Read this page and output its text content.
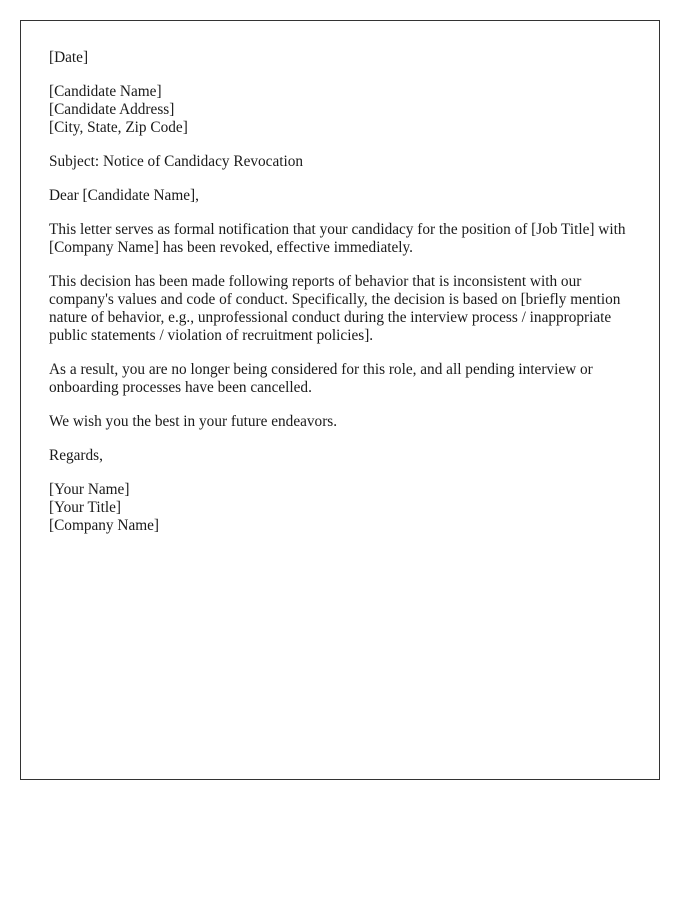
[Date]

[Candidate Name]
[Candidate Address]
[City, State, Zip Code]

Subject: Notice of Candidacy Revocation

Dear [Candidate Name],

This letter serves as formal notification that your candidacy for the position of [Job Title] with [Company Name] has been revoked, effective immediately.

This decision has been made following reports of behavior that is inconsistent with our company's values and code of conduct. Specifically, the decision is based on [briefly mention nature of behavior, e.g., unprofessional conduct during the interview process / inappropriate public statements / violation of recruitment policies].

As a result, you are no longer being considered for this role, and all pending interview or onboarding processes have been cancelled.

We wish you the best in your future endeavors.

Regards,

[Your Name]
[Your Title]
[Company Name]
